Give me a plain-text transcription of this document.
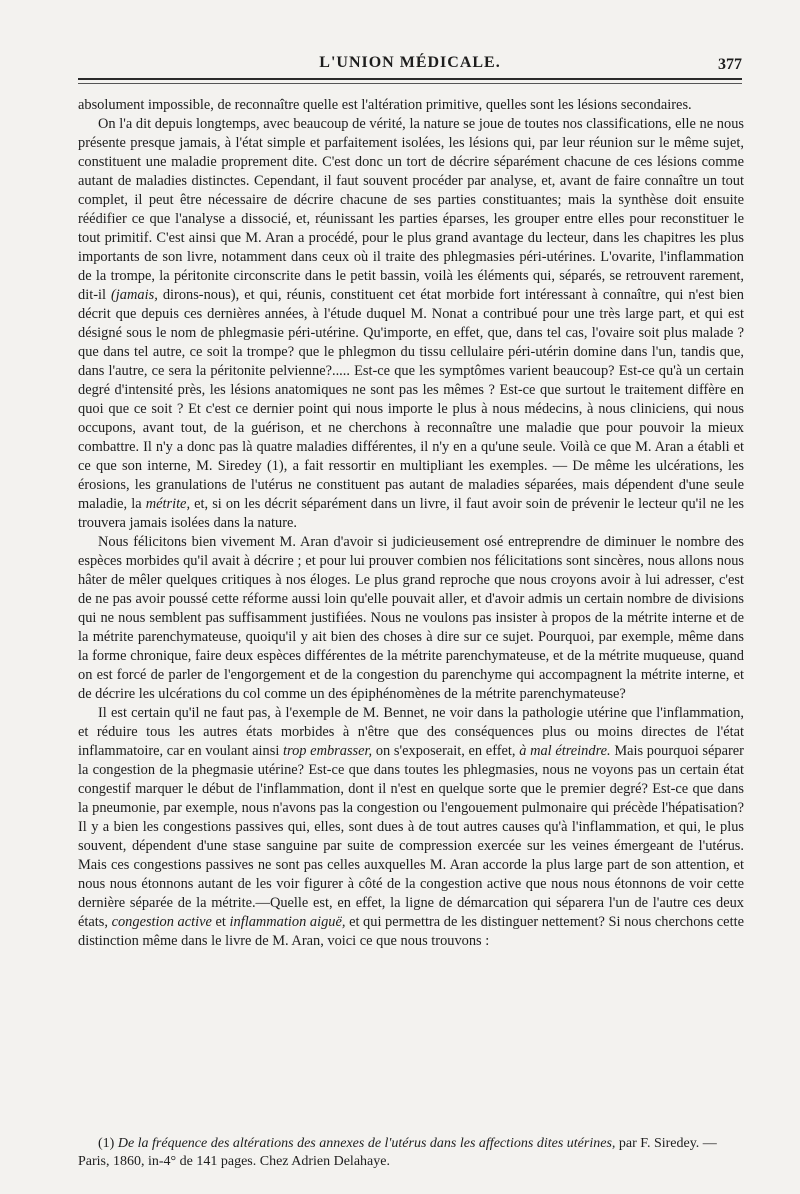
L'UNION MÉDICALE.	377

absolument impossible, de reconnaître quelle est l'altération primitive, quelles sont les lésions secondaires.

On l'a dit depuis longtemps, avec beaucoup de vérité, la nature se joue de toutes nos classifications, elle ne nous présente presque jamais, à l'état simple et parfaitement isolées, les lésions qui, par leur réunion sur le même sujet, constituent une maladie proprement dite. C'est donc un tort de décrire séparément chacune de ces lésions comme autant de maladies distinctes. Cependant, il faut souvent procéder par analyse, et, avant de faire connaître un tout complet, il peut être nécessaire de décrire chacune de ses parties constituantes; mais la synthèse doit ensuite réédifier ce que l'analyse a dissocié, et, réunissant les parties éparses, les grouper entre elles pour reconstituer le tout primitif. C'est ainsi que M. Aran a procédé, pour le plus grand avantage du lecteur, dans les chapitres les plus importants de son livre, notamment dans ceux où il traite des phlegmasies péri-utérines. L'ovarite, l'inflammation de la trompe, la péritonite circonscrite dans le petit bassin, voilà les éléments qui, séparés, se retrouvent rarement, dit-il (jamais, dirons-nous), et qui, réunis, constituent cet état morbide fort intéressant à connaître, qui n'est bien décrit que depuis ces dernières années, à l'étude duquel M. Nonat a contribué pour une très large part, et qui est désigné sous le nom de phlegmasie péri-utérine. Qu'importe, en effet, que, dans tel cas, l'ovaire soit plus malade ? que dans tel autre, ce soit la trompe? que le phlegmon du tissu cellulaire péri-utérin domine dans l'un, tandis que, dans l'autre, ce sera la péritonite pelvienne?..... Est-ce que les symptômes varient beaucoup? Est-ce qu'à un certain degré d'intensité près, les lésions anatomiques ne sont pas les mêmes ? Est-ce que surtout le traitement diffère en quoi que ce soit ? Et c'est ce dernier point qui nous importe le plus à nous médecins, à nous cliniciens, qui nous occupons, avant tout, de la guérison, et ne cherchons à reconnaître une maladie que pour pouvoir la mieux combattre. Il n'y a donc pas là quatre maladies différentes, il n'y en a qu'une seule. Voilà ce que M. Aran a établi et ce que son interne, M. Siredey (1), a fait ressortir en multipliant les exemples. — De même les ulcérations, les érosions, les granulations de l'utérus ne constituent pas autant de maladies séparées, mais dépendent d'une seule maladie, la métrite, et, si on les décrit séparément dans un livre, il faut avoir soin de prévenir le lecteur qu'il ne les trouvera jamais isolées dans la nature.

Nous félicitons bien vivement M. Aran d'avoir si judicieusement osé entreprendre de diminuer le nombre des espèces morbides qu'il avait à décrire ; et pour lui prouver combien nos félicitations sont sincères, nous allons nous hâter de mêler quelques critiques à nos éloges. Le plus grand reproche que nous croyons avoir à lui adresser, c'est de ne pas avoir poussé cette réforme aussi loin qu'elle pouvait aller, et d'avoir admis un certain nombre de divisions qui ne nous semblent pas suffisamment justifiées. Nous ne voulons pas insister à propos de la métrite interne et de la métrite parenchymateuse, quoiqu'il y ait bien des choses à dire sur ce sujet. Pourquoi, par exemple, même dans la forme chronique, faire deux espèces différentes de la métrite parenchymateuse, et de la métrite muqueuse, quand on est forcé de parler de l'engorgement et de la congestion du parenchyme qui accompagnent la métrite interne, et de décrire les ulcérations du col comme un des épiphénomènes de la métrite parenchymateuse?

Il est certain qu'il ne faut pas, à l'exemple de M. Bennet, ne voir dans la pathologie utérine que l'inflammation, et réduire tous les autres états morbides à n'être que des conséquences plus ou moins directes de l'état inflammatoire, car en voulant ainsi trop embrasser, on s'exposerait, en effet, à mal étreindre. Mais pourquoi séparer la congestion de la phegmasie utérine? Est-ce que dans toutes les phlegmasies, nous ne voyons pas un certain état congestif marquer le début de l'inflammation, dont il n'est en quelque sorte que le premier degré? Est-ce que dans la pneumonie, par exemple, nous n'avons pas la congestion ou l'engouement pulmonaire qui précède l'hépatisation? Il y a bien les congestions passives qui, elles, sont dues à de tout autres causes qu'à l'inflammation, et qui, le plus souvent, dépendent d'une stase sanguine par suite de compression exercée sur les veines émergeant de l'utérus. Mais ces congestions passives ne sont pas celles auxquelles M. Aran accorde la plus large part de son attention, et nous nous étonnons autant de les voir figurer à côté de la congestion active que nous nous étonnons de voir cette dernière séparée de la métrite.—Quelle est, en effet, la ligne de démarcation qui séparera l'un de l'autre ces deux états, congestion active et inflammation aiguë, et qui permettra de les distinguer nettement? Si nous cherchons cette distinction même dans le livre de M. Aran, voici ce que nous trouvons :

(1) De la fréquence des altérations des annexes de l'utérus dans les affections dites utérines, par F. Siredey. — Paris, 1860, in-4° de 141 pages. Chez Adrien Delahaye.
